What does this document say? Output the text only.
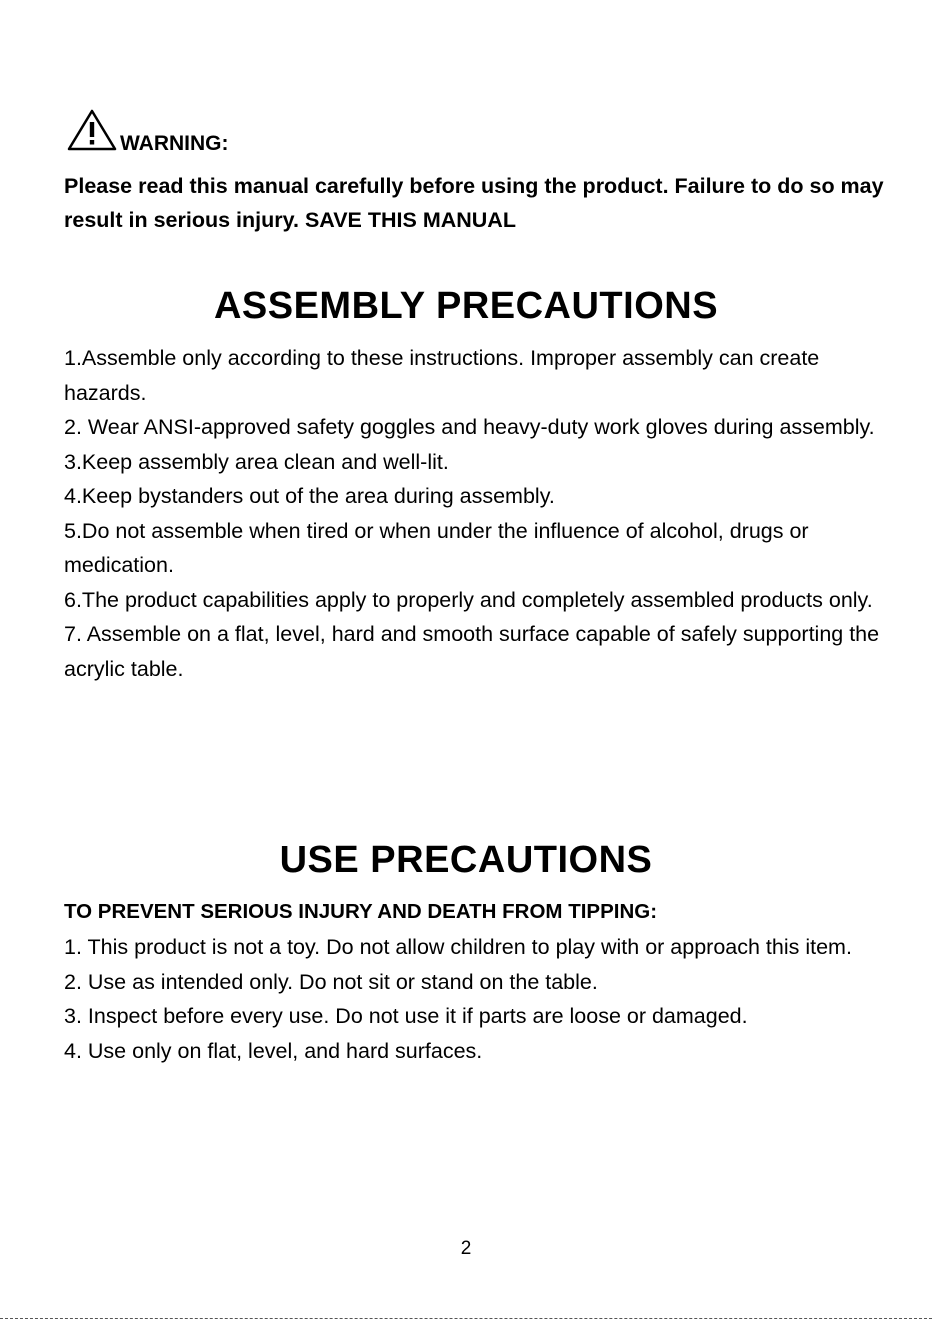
WARNING:
Please read this manual carefully before using the product. Failure to do so may result in serious injury. SAVE THIS MANUAL
ASSEMBLY PRECAUTIONS
1.Assemble only according to these instructions. Improper assembly can create hazards.
2. Wear ANSI-approved safety goggles and heavy-duty work gloves during assembly.
3.Keep assembly area clean and well-lit.
4.Keep bystanders out of the area during assembly.
5.Do not assemble when tired or when under the influence of alcohol, drugs or medication.
6.The product capabilities apply to properly and completely assembled products only.
7. Assemble on a flat, level, hard and smooth surface capable of safely supporting the acrylic table.
USE PRECAUTIONS
TO PREVENT SERIOUS INJURY AND DEATH FROM TIPPING:
1. This product is not a toy. Do not allow children to play with or approach this item.
2. Use as intended only. Do not sit or stand on the table.
3. Inspect before every use. Do not use it if parts are loose or damaged.
4. Use only on flat, level, and hard surfaces.
2
